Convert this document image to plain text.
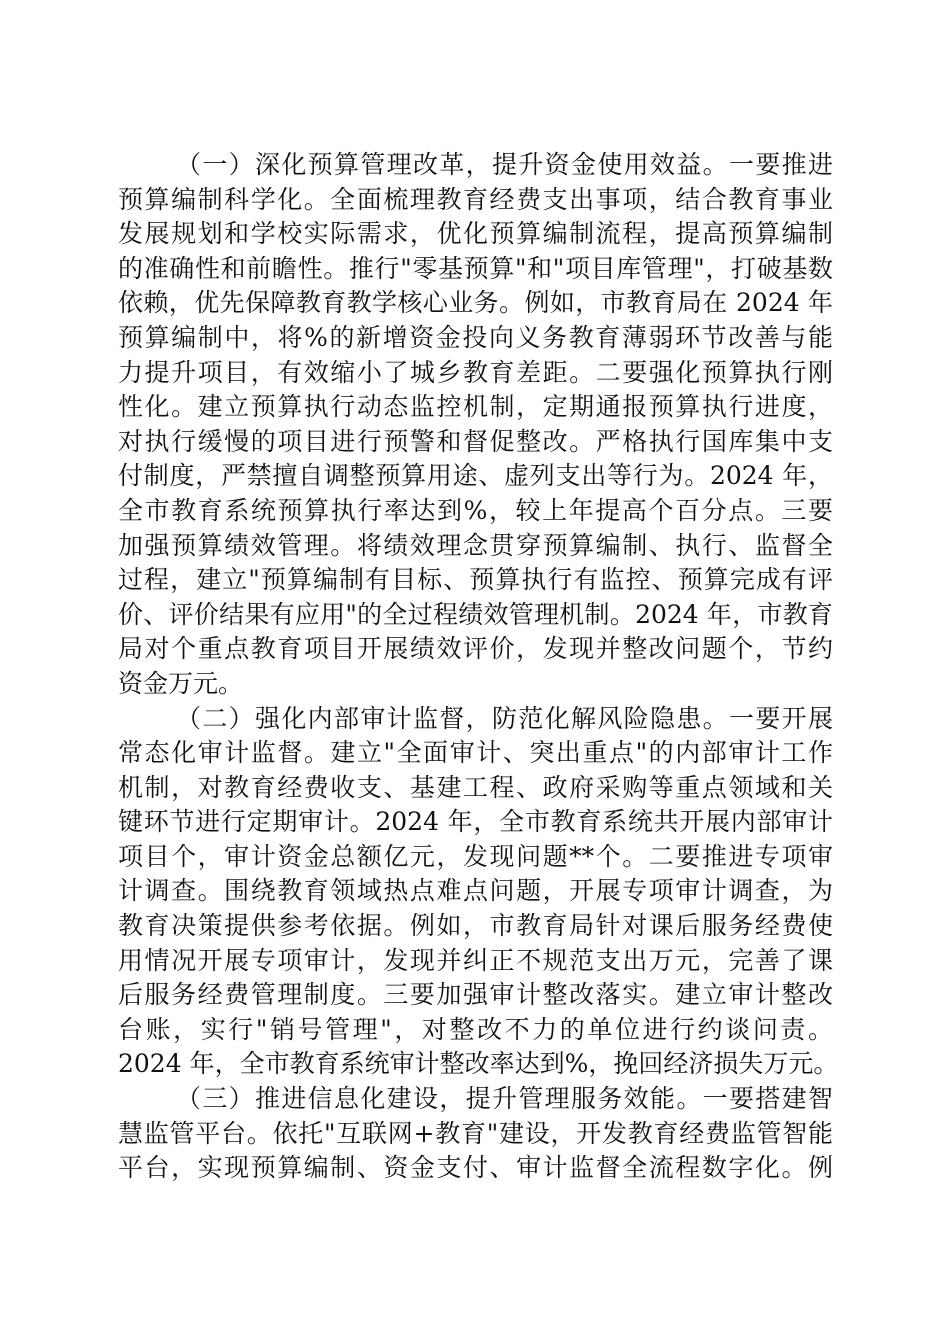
（一）深化预算管理改革，提升资金使用效益。一要推进
预算编制科学化。全面梳理教育经费支出事项，结合教育事业
发展规划和学校实际需求，优化预算编制流程，提高预算编制
的准确性和前瞻性。推行"零基预算"和"项目库管理"，打破基数
依赖，优先保障教育教学核心业务。例如，市教育局在 2024 年
预算编制中，将%的新增资金投向义务教育薄弱环节改善与能
力提升项目，有效缩小了城乡教育差距。二要强化预算执行刚
性化。建立预算执行动态监控机制，定期通报预算执行进度，
对执行缓慢的项目进行预警和督促整改。严格执行国库集中支
付制度，严禁擅自调整预算用途、虚列支出等行为。2024 年，
全市教育系统预算执行率达到%，较上年提高个百分点。三要
加强预算绩效管理。将绩效理念贯穿预算编制、执行、监督全
过程，建立"预算编制有目标、预算执行有监控、预算完成有评
价、评价结果有应用"的全过程绩效管理机制。2024 年，市教育
局对个重点教育项目开展绩效评价，发现并整改问题个，节约
资金万元。
（二）强化内部审计监督，防范化解风险隐患。一要开展
常态化审计监督。建立"全面审计、突出重点"的内部审计工作
机制，对教育经费收支、基建工程、政府采购等重点领域和关
键环节进行定期审计。2024 年，全市教育系统共开展内部审计
项目个，审计资金总额亿元，发现问题**个。二要推进专项审
计调查。围绕教育领域热点难点问题，开展专项审计调查，为
教育决策提供参考依据。例如，市教育局针对课后服务经费使
用情况开展专项审计，发现并纠正不规范支出万元，完善了课
后服务经费管理制度。三要加强审计整改落实。建立审计整改
台账，实行"销号管理"，对整改不力的单位进行约谈问责。
2024 年，全市教育系统审计整改率达到%，挽回经济损失万元。
（三）推进信息化建设，提升管理服务效能。一要搭建智
慧监管平台。依托"互联网+教育"建设，开发教育经费监管智能
平台，实现预算编制、资金支付、审计监督全流程数字化。例
